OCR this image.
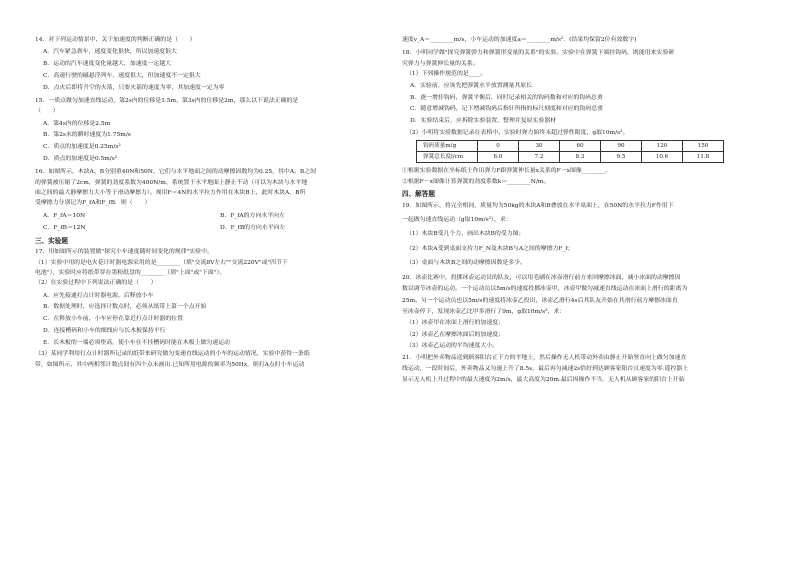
14．对下列运动情景中，关于加速度的判断正确的是（　　）
A．汽车紧急刹车，速度变化很快，所以加速度很大
B．运动的汽车速度变化量越大，加速度一定越大
C．高速行驶的磁悬浮列车，速度很大，但加速度不一定很大
D．点火后即将升空的火箭，只要火箭的速度为零，其加速度一定为零
15．一质点做匀加速直线运动，第2s内的位移是1.5m，第3s内的位移是2m，那么以下说法正确的是
（　　）
A．第4s内的位移是2.5m
B．第2s末的瞬时速度为1.75m/s
C．质点的加速度是0.25m/s²
D．质点的加速度是0.5m/s²
16．如图所示，木块A、B分别重40N和50N，它们与水平地面之间的动摩擦因数均为0.25，其中A、B之间
的弹簧被压缩了2cm，弹簧的劲度系数为400N/m，系统置于水平地面上静止不动（可以为木块与水平地
面之间的最大静摩擦力大小等于滑动摩擦力）。现用F＝4N的水平拉力作用在木块B上，此时木块A、B所
受摩擦力分别记为F_fA和F_fB．则（　　）
A．F_fA＝10N	B．F_fA的方向水平向左
C．F_fB＝12N	D．F_fB的方向水平向左
三、实验题
17．用如图所示的装置做"探究小车速度随时间变化的规律"实验中。
（1）实验中用的是电火花计时器电源采用的是________（填"交流8V左右""交流220V"或"四节干
电池"），实验时应将纸带穿在墨粉纸盘的________（填"上面"或"下面"）。
（2）在实验过程中下列说法正确的是（　　）
A．应先接通打点计时器电源，后释放小车
B．数据处理时，应选择计数点时，必须从纸带上第一个点开始
C．在释放小车前，小车应停在靠近打点计时器的位置
D．连接槽码和小车的细线应与长木板保持平行
E．长木板的一端必须垫高，使小车在不挂槽码时能在木板上做匀速运动
（3）某同学利用打点计时器所记录的纸带来研究做匀变速直线运动的小车的运动情况，实验中获得一条纸
带，如图所示，其中两相邻计数点间有四个点未画出.已知所用电源的频率为50Hz，则打A点时小车运动
速度v_A＝________m/s，小车运动的加速度a＝________m/s²．(结果均保留2位有效数字)
18．小明同学做"探究弹簧弹力和弹簧形变量的关系"的实验。实验中在弹簧下端挂钩码，既能用来实验研
究弹力与弹簧伸长量的关系。
（1）下列操作规范的是____。
A．实验前，应该先把弹簧水平放置测量其原长
B．逐一增挂钩码，弹簧平衡后，同时记录相关的钩码数和对应的钩码总重
C．随意增减钩码，记下增减钩码后指针所指的标尺刻度和对应的钩码总重
D．实验结束后，应拆除实验装置，整理并复原实验器材
（2）小明将实验数据记录在表格中。实验时弹力始终未超过弹性限度，g取10m/s²。
钩码质量m/g	0	30	60	90	120	150
弹簧总长度l/cm	6.0	7.2	8.3	9.5	10.6	11.8
①根据实验数据在坐标纸上作出弹力F跟弹簧伸长量x关系的F－x图像________。
②根据F－x图像计算弹簧的劲度系数k＝________N/m。
四、解答题
19．如图所示，将完全相同、质量均为50kg的木块A和B叠放在水平桌面上，在50N的水平拉力F作用下
一起做匀速直线运动（g取10m/s²），求：
（1）木块B受几个力，画出木块B的受力图；
（2）木块A受到桌面支持力F_N及木块B与A之间的摩擦力F_f；
（3）桌面与木块B之间的动摩擦因数是多少。
20．冰壶比赛中，投掷冰壶运动员的队友，可以用毛刷在冰壶滑行前方来回摩擦冰面，减小冰面的动摩擦因
数以调节冰壶的运动。一个运动员以5m/s的速度投掷冰壶甲，冰壶甲做匀减速直线运动在冰面上滑行的距离为
25m。另一个运动员也以5m/s的速度将冰壶乙投出，冰壶乙滑行4s后其队友开始在其滑行前方摩擦冰面直
至冰壶停下，发现冰壶乙比甲多滑行了9m，g取10m/s²，求：
（1）冰壶甲在冰面上滑行的加速度；
（2）冰壶乙在摩擦冰面后的加速度；
（3）冰壶乙运动的平均速度大小。
21．小明把外卖物品送到顾客阳台正下方的平地上，然后操作无人机带动外卖由静止开始竖直向上做匀加速直
线运动，一段时间后，外卖物品又匀速上升了8.5s，最后再匀减速2s恰好到达顾客家阳台且速度为零.遥控器上
显示无人机上升过程中的最大速度为2m/s，最大高度为20m.最后因操作不当，无人机从顾客家的阳台上开始
